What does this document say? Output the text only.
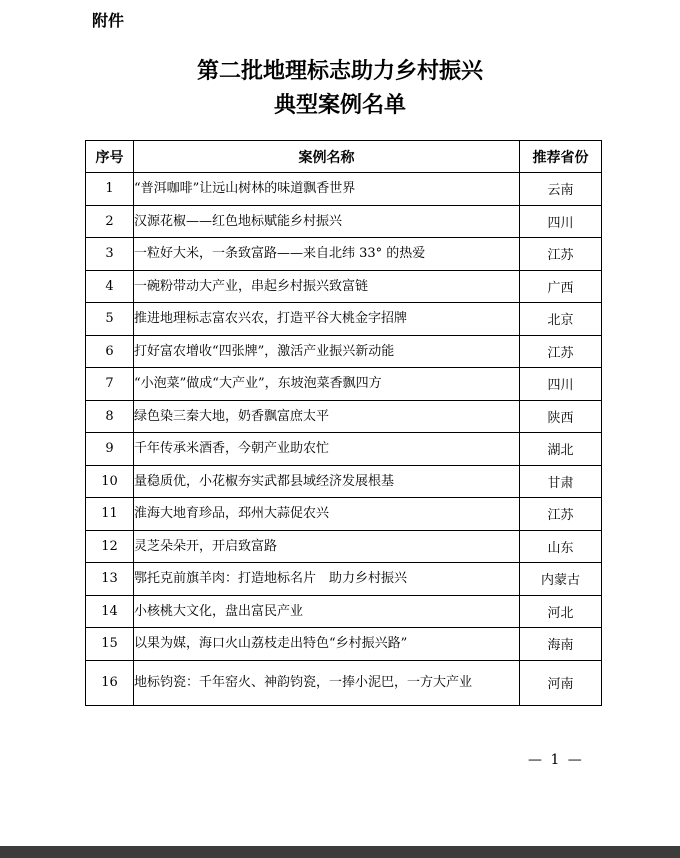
附件
第二批地理标志助力乡村振兴
典型案例名单
序号	案例名称	推荐省份
1	“普洱咖啡”让远山树林的味道飘香世界	云南
2	汉源花椒——红色地标赋能乡村振兴	四川
3	一粒好大米，一条致富路——来自北纬 33° 的热爱	江苏
4	一碗粉带动大产业，串起乡村振兴致富链	广西
5	推进地理标志富农兴农，打造平谷大桃金字招牌	北京
6	打好富农增收“四张牌”，激活产业振兴新动能	江苏
7	“小泡菜”做成“大产业”，东坡泡菜香飘四方	四川
8	绿色染三秦大地，奶香飘富庶太平	陕西
9	千年传承米酒香，今朝产业助农忙	湖北
10	量稳质优，小花椒夯实武都县域经济发展根基	甘肃
11	淮海大地育珍品，邳州大蒜促农兴	江苏
12	灵芝朵朵开，开启致富路	山东
13	鄂托克前旗羊肉：打造地标名片　助力乡村振兴	内蒙古
14	小核桃大文化，盘出富民产业	河北
15	以果为媒，海口火山荔枝走出特色“乡村振兴路”	海南
16	地标钧瓷：千年窑火、神韵钧瓷，一捧小泥巴，一方大产业	河南
— 1 —
